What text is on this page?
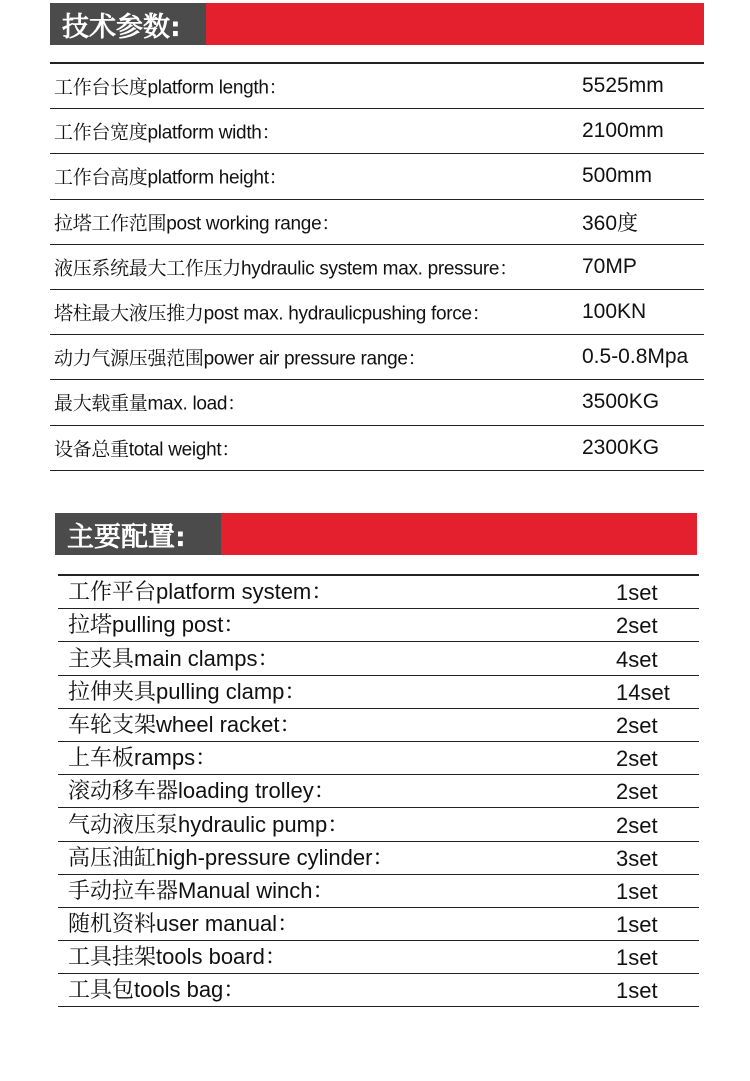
技术参数:
工作台长度platform length：	5525mm
工作台宽度platform width：	2100mm
工作台高度platform height：	500mm
拉塔工作范围post working range：	360度
液压系统最大工作压力hydraulic system max. pressure：	70MP
塔柱最大液压推力post max. hydraulicpushing force：	100KN
动力气源压强范围power air pressure range：	0.5-0.8Mpa
最大载重量max. load：	3500KG
设备总重total weight：	2300KG
主要配置:
工作平台platform system：	1set
拉塔pulling post：	2set
主夹具main clamps：	4set
拉伸夹具pulling clamp：	14set
车轮支架wheel racket：	2set
上车板ramps：	2set
滚动移车器loading trolley：	2set
气动液压泵hydraulic pump：	2set
高压油缸high-pressure cylinder：	3set
手动拉车器Manual winch：	1set
随机资料user manual：	1set
工具挂架tools board：	1set
工具包tools bag：	1set
